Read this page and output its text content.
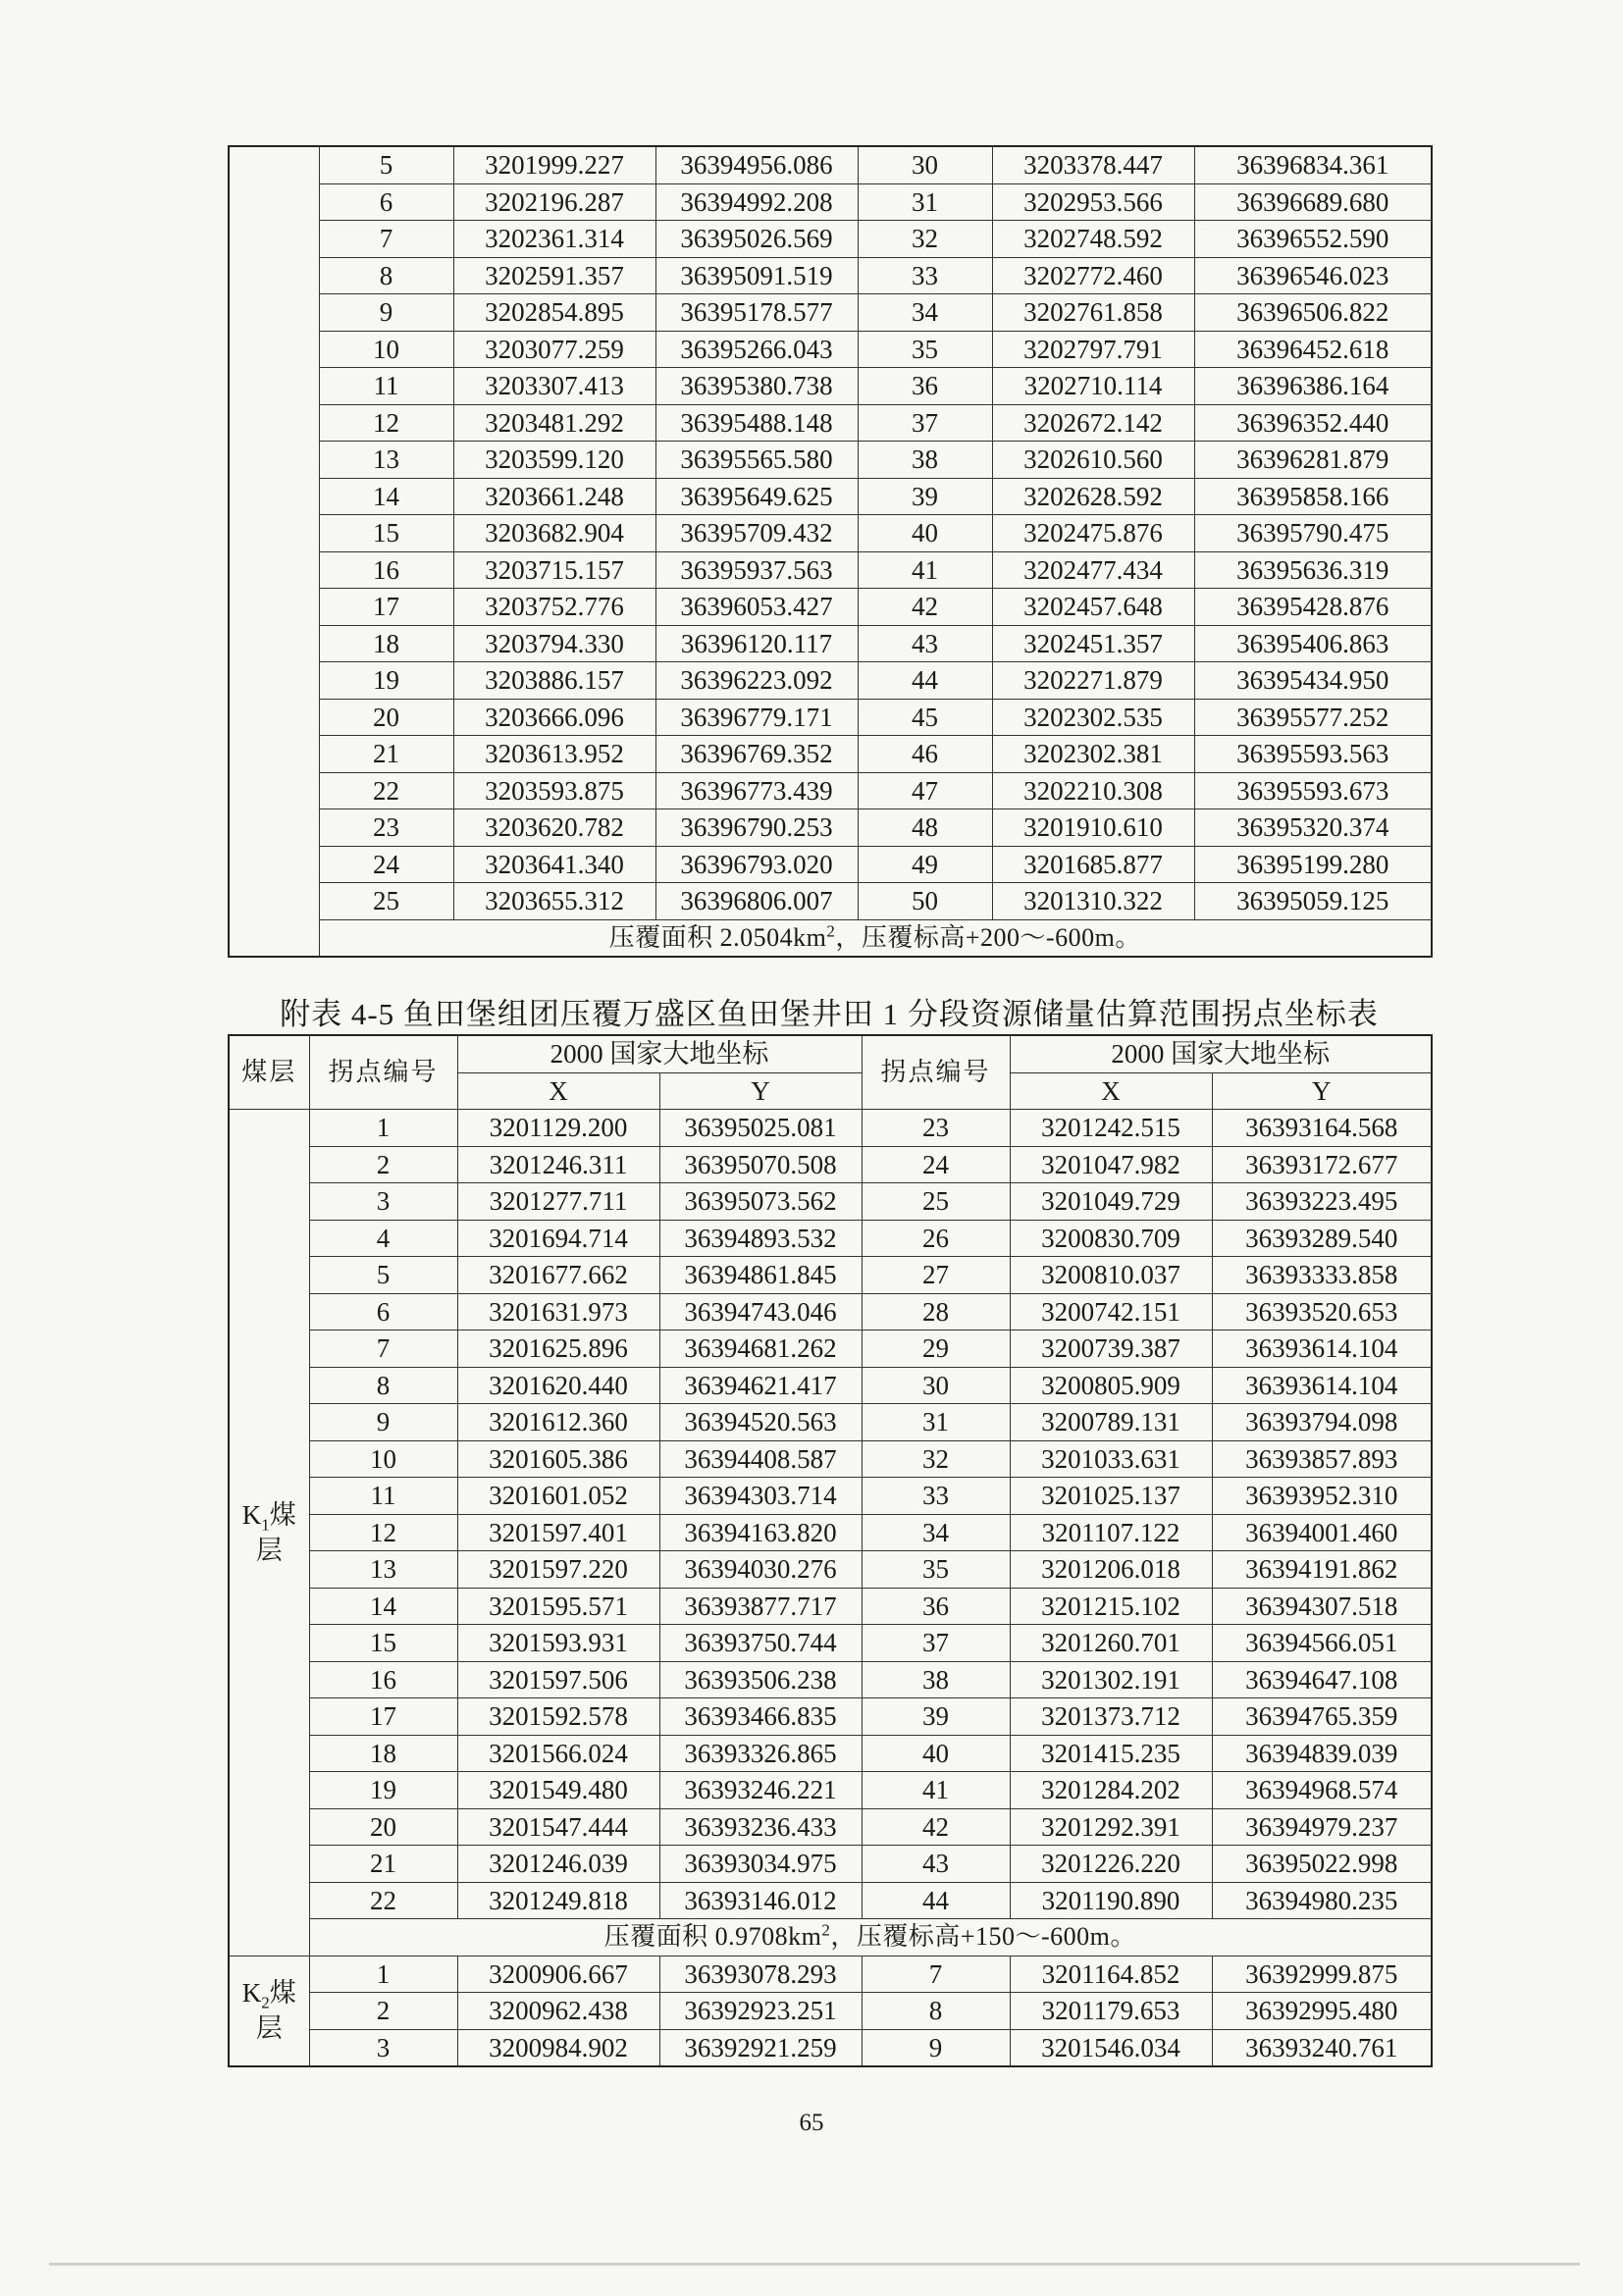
	5	3201999.227	36394956.086	30	3203378.447	36396834.361
	6	3202196.287	36394992.208	31	3202953.566	36396689.680
	7	3202361.314	36395026.569	32	3202748.592	36396552.590
	8	3202591.357	36395091.519	33	3202772.460	36396546.023
	9	3202854.895	36395178.577	34	3202761.858	36396506.822
	10	3203077.259	36395266.043	35	3202797.791	36396452.618
	11	3203307.413	36395380.738	36	3202710.114	36396386.164
	12	3203481.292	36395488.148	37	3202672.142	36396352.440
	13	3203599.120	36395565.580	38	3202610.560	36396281.879
	14	3203661.248	36395649.625	39	3202628.592	36395858.166
	15	3203682.904	36395709.432	40	3202475.876	36395790.475
	16	3203715.157	36395937.563	41	3202477.434	36395636.319
	17	3203752.776	36396053.427	42	3202457.648	36395428.876
	18	3203794.330	36396120.117	43	3202451.357	36395406.863
	19	3203886.157	36396223.092	44	3202271.879	36395434.950
	20	3203666.096	36396779.171	45	3202302.535	36395577.252
	21	3203613.952	36396769.352	46	3202302.381	36395593.563
	22	3203593.875	36396773.439	47	3202210.308	36395593.673
	23	3203620.782	36396790.253	48	3201910.610	36395320.374
	24	3203641.340	36396793.020	49	3201685.877	36395199.280
	25	3203655.312	36396806.007	50	3201310.322	36395059.125
	压覆面积 $2.0504km^2$，压覆标高+200～-600m。					
附表 4-5 鱼田堡组团压覆万盛区鱼田堡井田 1 分段资源储量估算范围拐点坐标表
煤层	拐点编号	2000 国家大地坐标		拐点编号	2000 国家大地坐标	
		X	Y		X	Y
$K_1$煤层	1	3201129.200	36395025.081	23	3201242.515	36393164.568
	2	3201246.311	36395070.508	24	3201047.982	36393172.677
	3	3201277.711	36395073.562	25	3201049.729	36393223.495
	4	3201694.714	36394893.532	26	3200830.709	36393289.540
	5	3201677.662	36394861.845	27	3200810.037	36393333.858
	6	3201631.973	36394743.046	28	3200742.151	36393520.653
	7	3201625.896	36394681.262	29	3200739.387	36393614.104
	8	3201620.440	36394621.417	30	3200805.909	36393614.104
	9	3201612.360	36394520.563	31	3200789.131	36393794.098
	10	3201605.386	36394408.587	32	3201033.631	36393857.893
	11	3201601.052	36394303.714	33	3201025.137	36393952.310
	12	3201597.401	36394163.820	34	3201107.122	36394001.460
	13	3201597.220	36394030.276	35	3201206.018	36394191.862
	14	3201595.571	36393877.717	36	3201215.102	36394307.518
	15	3201593.931	36393750.744	37	3201260.701	36394566.051
	16	3201597.506	36393506.238	38	3201302.191	36394647.108
	17	3201592.578	36393466.835	39	3201373.712	36394765.359
	18	3201566.024	36393326.865	40	3201415.235	36394839.039
	19	3201549.480	36393246.221	41	3201284.202	36394968.574
	20	3201547.444	36393236.433	42	3201292.391	36394979.237
	21	3201246.039	36393034.975	43	3201226.220	36395022.998
	22	3201249.818	36393146.012	44	3201190.890	36394980.235
	压覆面积 $0.9708km^2$，压覆标高+150～-600m。					
$K_2$煤层	1	3200906.667	36393078.293	7	3201164.852	36392999.875
	2	3200962.438	36392923.251	8	3201179.653	36392995.480
	3	3200984.902	36392921.259	9	3201546.034	36393240.761
65
